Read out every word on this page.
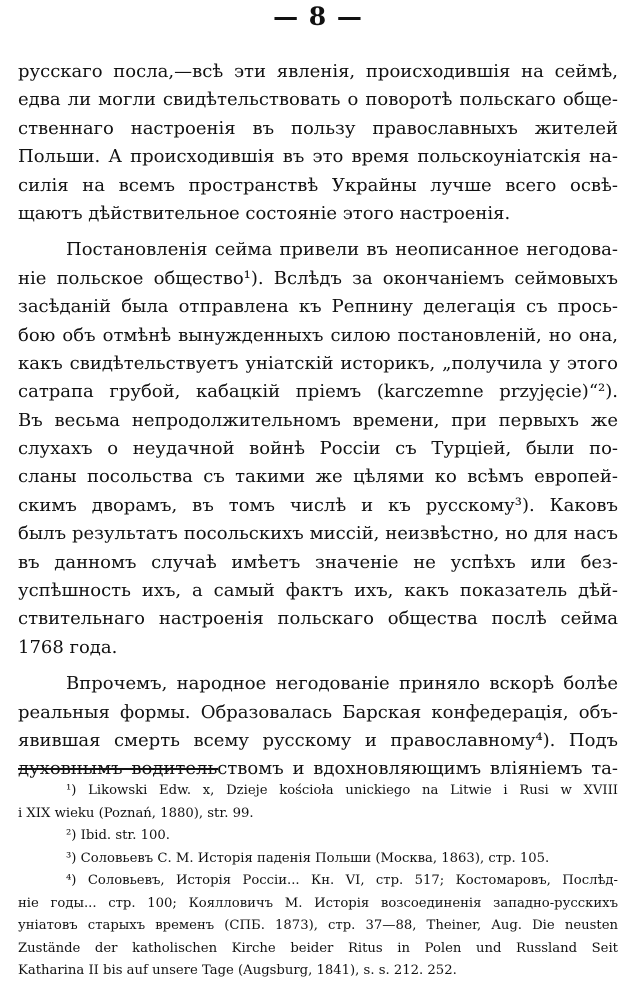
— 8 —
русскаго посла,—всѣ эти явленія, происходившія на сеймѣ,
едва ли могли свидѣтельствовать о поворотѣ польскаго обще-
ственнаго настроенія въ пользу православныхъ жителей
Польши. А происходившія въ это время польскоуніатскія на-
силія на всемъ пространствѣ Украйны лучше всего освѣ-
щаютъ дѣйствительное состояніе этого настроенія.
Постановленія сейма привели въ неописанное негодова-
ніе польское общество¹). Вслѣдъ за окончаніемъ сеймовыхъ
засѣданій была отправлена къ Репнину делегація съ прось-
бою объ отмѣнѣ вынужденныхъ силою постановленій, но она,
какъ свидѣтельствуетъ уніатскій историкъ, „получила у этого
сатрапа грубой, кабацкій пріемъ (karczemne przyjęcie)“²).
Въ весьма непродолжительномъ времени, при первыхъ же
слухахъ о неудачной войнѣ Россіи съ Турціей, были по-
сланы посольства съ такими же цѣлями ко всѣмъ европей-
скимъ дворамъ, въ томъ числѣ и къ русскому³). Каковъ
былъ результатъ посольскихъ миссій, неизвѣстно, но для насъ
въ данномъ случаѣ имѣетъ значеніе не успѣхъ или без-
успѣшность ихъ, а самый фактъ ихъ, какъ показатель дѣй-
ствительнаго настроенія польскаго общества послѣ сейма
1768 года.
Впрочемъ, народное негодованіе приняло вскорѣ болѣе
реальныя формы. Образовалась Барская конфедерація, объ-
явившая смерть всему русскому и православному⁴). Подъ
духовнымъ водительствомъ и вдохновляющимъ вліяніемъ та-
¹) Likowski Edw. x, Dzieje kościoła unickiego na Litwie i Rusi w XVIII
i XIX wieku (Poznań, 1880), str. 99.
²) Ibid. str. 100.
³) Соловьевъ С. М. Исторія паденія Польши (Москва, 1863), стр. 105.
⁴) Соловьевъ, Исторія Россіи... Кн. VI, стр. 517; Костомаровъ, Послѣд-
ніе годы... стр. 100; Коялловичъ М. Исторія возсоединенія западно-русскихъ
уніатовъ старыхъ временъ (СПБ. 1873), стр. 37—88, Theiner, Aug. Die neusten
Zustände der katholischen Kirche beider Ritus in Polen und Russland Seit
Katharina II bis auf unsere Tage (Augsburg, 1841), s. s. 212. 252.
